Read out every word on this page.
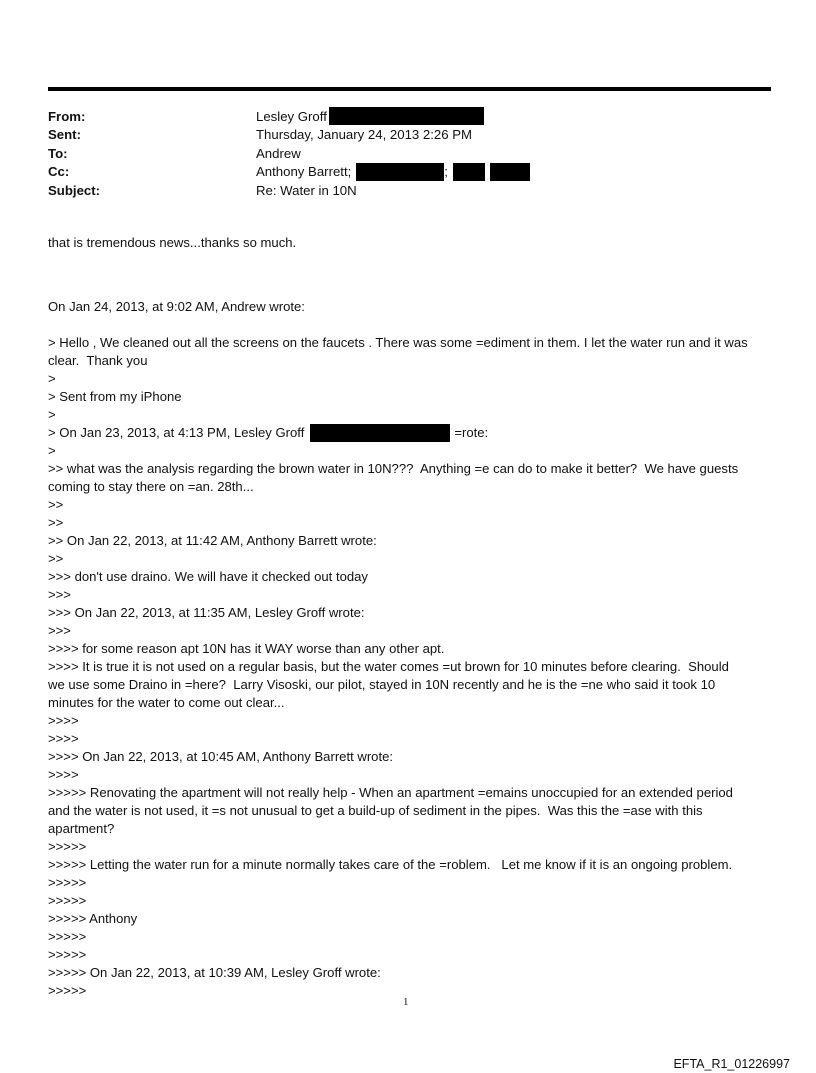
From:	Lesley Groff
Sent:	Thursday, January 24, 2013 2:26 PM
To:	Andrew
Cc:	Anthony Barrett;	;
Subject:	Re: Water in 10N
that is tremendous news...thanks so much.
On Jan 24, 2013, at 9:02 AM, Andrew wrote:
> Hello , We cleaned out all the screens on the faucets . There was some =ediment in them. I let the water run and it was
clear.  Thank you
>
> Sent from my iPhone
>
> On Jan 23, 2013, at 4:13 PM, Lesley Groff	=rote:
>
>> what was the analysis regarding the brown water in 10N???  Anything =e can do to make it better?  We have guests
coming to stay there on =an. 28th...
>>
>>
>> On Jan 22, 2013, at 11:42 AM, Anthony Barrett wrote:
>>
>>> don't use draino. We will have it checked out today
>>>
>>> On Jan 22, 2013, at 11:35 AM, Lesley Groff wrote:
>>>
>>>> for some reason apt 10N has it WAY worse than any other apt.
>>>> It is true it is not used on a regular basis, but the water comes =ut brown for 10 minutes before clearing.  Should
we use some Draino in =here?  Larry Visoski, our pilot, stayed in 10N recently and he is the =ne who said it took 10
minutes for the water to come out clear...
>>>>
>>>>
>>>> On Jan 22, 2013, at 10:45 AM, Anthony Barrett wrote:
>>>>
>>>>> Renovating the apartment will not really help - When an apartment =emains unoccupied for an extended period
and the water is not used, it =s not unusual to get a build-up of sediment in the pipes.  Was this the =ase with this
apartment?
>>>>>
>>>>> Letting the water run for a minute normally takes care of the =roblem.   Let me know if it is an ongoing problem.
>>>>>
>>>>>
>>>>> Anthony
>>>>>
>>>>>
>>>>> On Jan 22, 2013, at 10:39 AM, Lesley Groff wrote:
>>>>>
1
EFTA_R1_01226997
